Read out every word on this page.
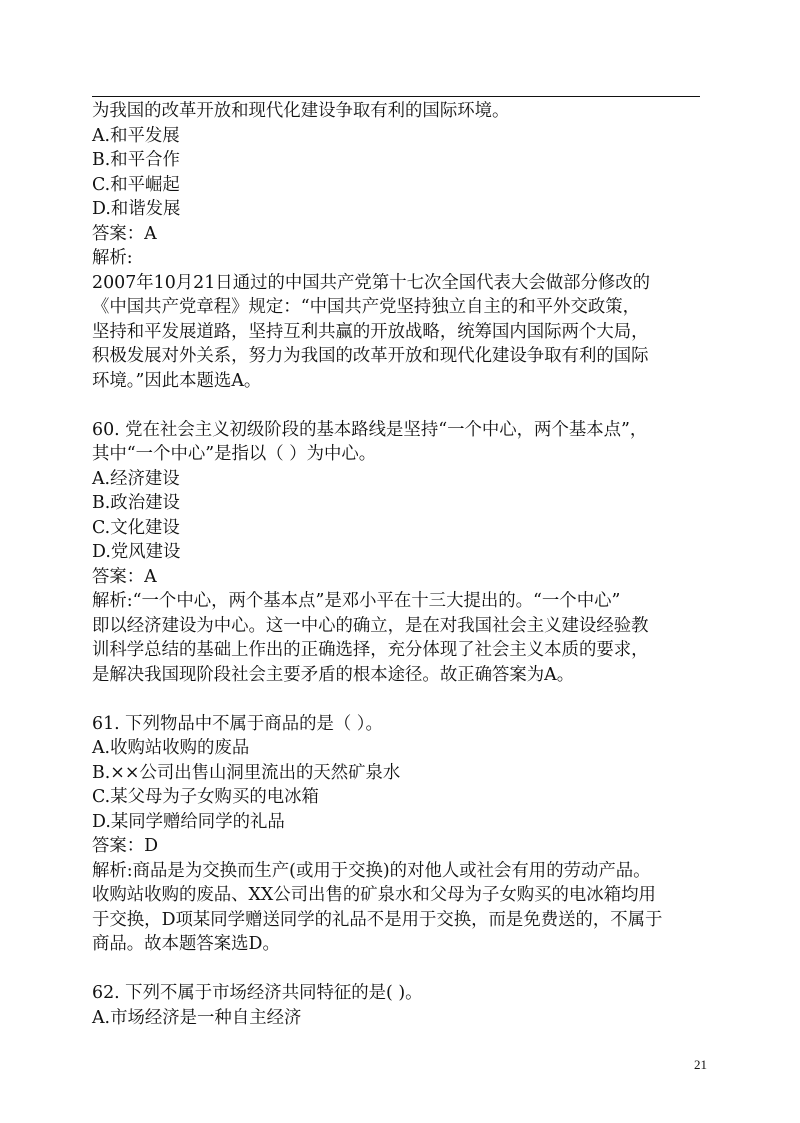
为我国的改革开放和现代化建设争取有利的国际环境。
A.和平发展
B.和平合作
C.和平崛起
D.和谐发展
答案：A
解析:
2007年10月21日通过的中国共产党第十七次全国代表大会做部分修改的
《中国共产党章程》规定：“中国共产党坚持独立自主的和平外交政策，
坚持和平发展道路，坚持互利共赢的开放战略，统筹国内国际两个大局，
积极发展对外关系，努力为我国的改革开放和现代化建设争取有利的国际
环境。”因此本题选A。
60. 党在社会主义初级阶段的基本路线是坚持“一个中心，两个基本点”，
其中“一个中心”是指以（ ）为中心。
A.经济建设
B.政治建设
C.文化建设
D.党风建设
答案：A
解析:“一个中心，两个基本点”是邓小平在十三大提出的。“一个中心”
即以经济建设为中心。这一中心的确立，是在对我国社会主义建设经验教
训科学总结的基础上作出的正确选择，充分体现了社会主义本质的要求，
是解决我国现阶段社会主要矛盾的根本途径。故正确答案为A。
61. 下列物品中不属于商品的是（ ）。
A.收购站收购的废品
B.××公司出售山洞里流出的天然矿泉水
C.某父母为子女购买的电冰箱
D.某同学赠给同学的礼品
答案：D
解析:商品是为交换而生产(或用于交换)的对他人或社会有用的劳动产品。
收购站收购的废品、XX公司出售的矿泉水和父母为子女购买的电冰箱均用
于交换，D项某同学赠送同学的礼品不是用于交换，而是免费送的，不属于
商品。故本题答案选D。
62. 下列不属于市场经济共同特征的是( )。
A.市场经济是一种自主经济
21
